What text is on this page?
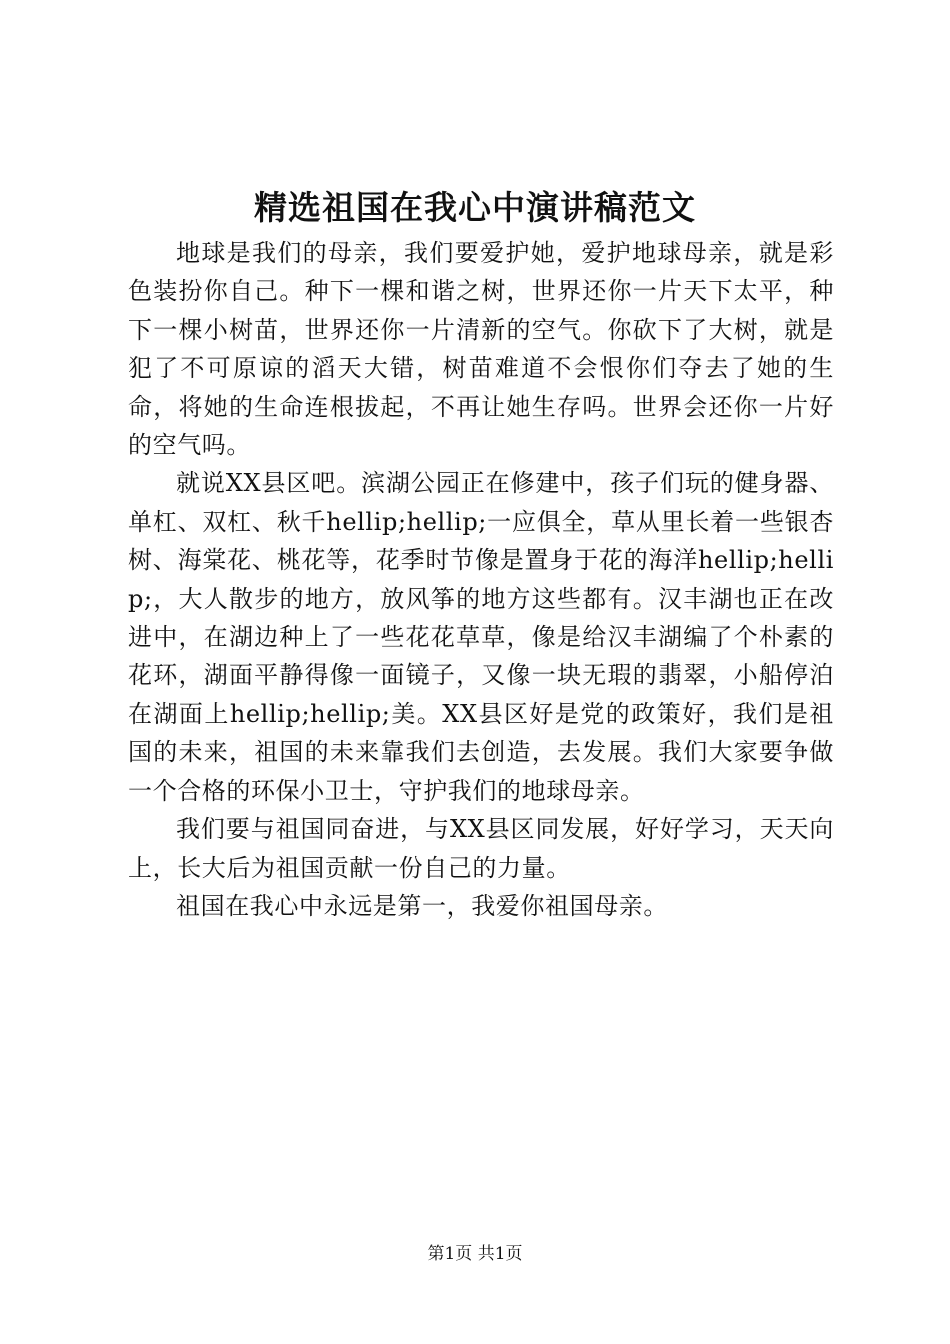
精选祖国在我心中演讲稿范文

地球是我们的母亲，我们要爱护她，爱护地球母亲，就是彩色装扮你自己。种下一棵和谐之树，世界还你一片天下太平，种下一棵小树苗，世界还你一片清新的空气。你砍下了大树，就是犯了不可原谅的滔天大错，树苗难道不会恨你们夺去了她的生命，将她的生命连根拔起，不再让她生存吗。世界会还你一片好的空气吗。

就说XX县区吧。滨湖公园正在修建中，孩子们玩的健身器、单杠、双杠、秋千hellip;hellip;一应俱全，草从里长着一些银杏树、海棠花、桃花等，花季时节像是置身于花的海洋hellip;hellip;，大人散步的地方，放风筝的地方这些都有。汉丰湖也正在改进中，在湖边种上了一些花花草草，像是给汉丰湖编了个朴素的花环，湖面平静得像一面镜子，又像一块无瑕的翡翠，小船停泊在湖面上hellip;hellip;美。XX县区好是党的政策好，我们是祖国的未来，祖国的未来靠我们去创造，去发展。我们大家要争做一个合格的环保小卫士，守护我们的地球母亲。

我们要与祖国同奋进，与XX县区同发展，好好学习，天天向上，长大后为祖国贡献一份自己的力量。

祖国在我心中永远是第一，我爱你祖国母亲。

第1页 共1页
